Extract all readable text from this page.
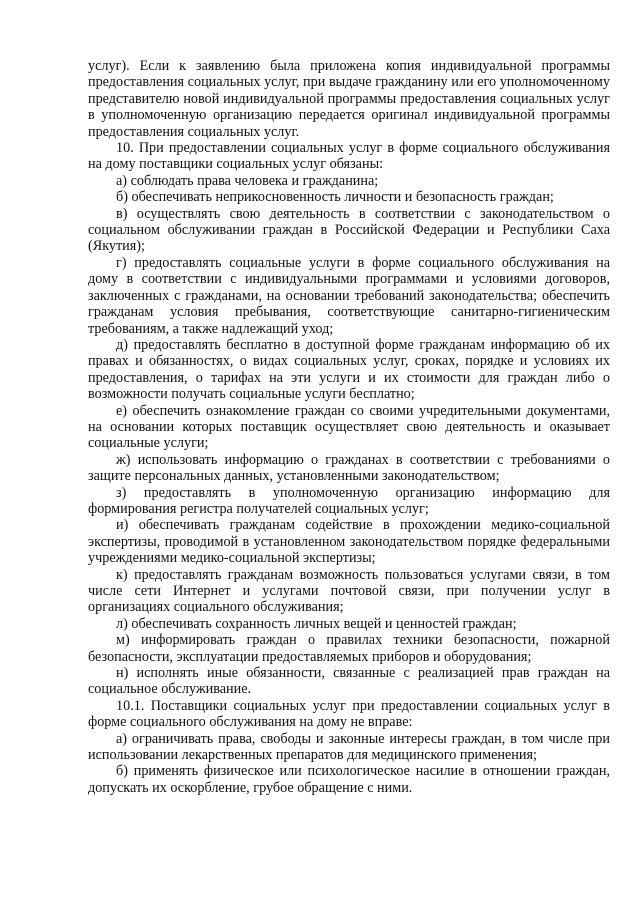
услуг). Если к заявлению была приложена копия индивидуальной программы предоставления социальных услуг, при выдаче гражданину или его уполномоченному представителю новой индивидуальной программы предоставления социальных услуг в уполномоченную организацию передается оригинал индивидуальной программы предоставления социальных услуг.

10. При предоставлении социальных услуг в форме социального обслуживания на дому поставщики социальных услуг обязаны:

а) соблюдать права человека и гражданина;

б) обеспечивать неприкосновенность личности и безопасность граждан;

в) осуществлять свою деятельность в соответствии с законодательством о социальном обслуживании граждан в Российской Федерации и Республики Саха (Якутия);

г) предоставлять социальные услуги в форме социального обслуживания на дому в соответствии с индивидуальными программами и условиями договоров, заключенных с гражданами, на основании требований законодательства; обеспечить гражданам условия пребывания, соответствующие санитарно-гигиеническим требованиям, а также надлежащий уход;

д) предоставлять бесплатно в доступной форме гражданам информацию об их правах и обязанностях, о видах социальных услуг, сроках, порядке и условиях их предоставления, о тарифах на эти услуги и их стоимости для граждан либо о возможности получать социальные услуги бесплатно;

е) обеспечить ознакомление граждан со своими учредительными документами, на основании которых поставщик осуществляет свою деятельность и оказывает социальные услуги;

ж) использовать информацию о гражданах в соответствии с требованиями о защите персональных данных, установленными законодательством;

з) предоставлять в уполномоченную организацию информацию для формирования регистра получателей социальных услуг;

и) обеспечивать гражданам содействие в прохождении медико-социальной экспертизы, проводимой в установленном законодательством порядке федеральными учреждениями медико-социальной экспертизы;

к) предоставлять гражданам возможность пользоваться услугами связи, в том числе сети Интернет и услугами почтовой связи, при получении услуг в организациях социального обслуживания;

л) обеспечивать сохранность личных вещей и ценностей граждан;

м) информировать граждан о правилах техники безопасности, пожарной безопасности, эксплуатации предоставляемых приборов и оборудования;

н) исполнять иные обязанности, связанные с реализацией прав граждан на социальное обслуживание.

10.1. Поставщики социальных услуг при предоставлении социальных услуг в форме социального обслуживания на дому не вправе:

а) ограничивать права, свободы и законные интересы граждан, в том числе при использовании лекарственных препаратов для медицинского применения;

б) применять физическое или психологическое насилие в отношении граждан, допускать их оскорбление, грубое обращение с ними.
